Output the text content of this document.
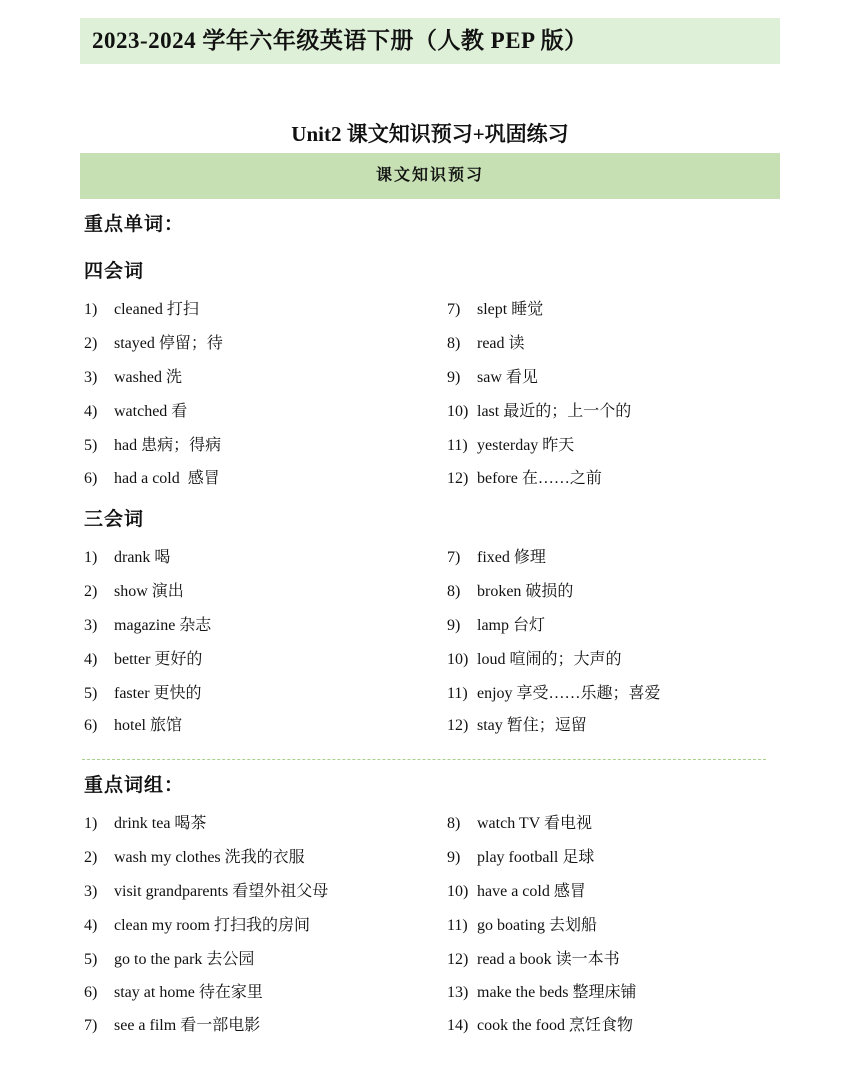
2023-2024 学年六年级英语下册（人教 PEP 版）
Unit2 课文知识预习+巩固练习
课文知识预习
重点单词：
四会词
1) cleaned 打扫
2) stayed 停留；待
3) washed 洗
4) watched 看
5) had 患病；得病
6) had a cold  感冒
7) slept 睡觉
8) read 读
9) saw 看见
10) last 最近的；上一个的
11) yesterday 昨天
12) before 在……之前
三会词
1) drank 喝
2) show 演出
3) magazine 杂志
4) better 更好的
5) faster 更快的
6) hotel 旅馆
7) fixed 修理
8) broken 破损的
9) lamp 台灯
10) loud 喧闹的；大声的
11) enjoy 享受……乐趣；喜爱
12) stay 暂住；逗留
重点词组：
1) drink tea 喝茶
2) wash my clothes 洗我的衣服
3) visit grandparents 看望外祖父母
4) clean my room 打扫我的房间
5) go to the park 去公园
6) stay at home 待在家里
7) see a film 看一部电影
8) watch TV 看电视
9) play football 足球
10) have a cold 感冒
11) go boating 去划船
12) read a book 读一本书
13) make the beds 整理床铺
14) cook the food 烹饪食物
